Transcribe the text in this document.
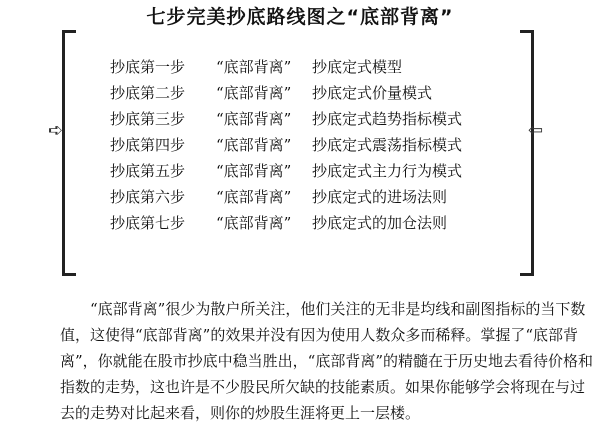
七步完美抄底路线图之“底部背离”
➪	⇦
抄底第一步 “底部背离” 抄底定式模型
抄底第二步 “底部背离” 抄底定式价量模式
抄底第三步 “底部背离” 抄底定式趋势指标模式
抄底第四步 “底部背离” 抄底定式震荡指标模式
抄底第五步 “底部背离” 抄底定式主力行为模式
抄底第六步 “底部背离” 抄底定式的进场法则
抄底第七步 “底部背离” 抄底定式的加仓法则

“底部背离”很少为散户所关注，他们关注的无非是均线和副图指标的当下数值，这使得“底部背离”的效果并没有因为使用人数众多而稀释。掌握了“底部背离”，你就能在股市抄底中稳当胜出，“底部背离”的精髓在于历史地去看待价格和指数的走势，这也许是不少股民所欠缺的技能素质。如果你能够学会将现在与过去的走势对比起来看，则你的炒股生涯将更上一层楼。
